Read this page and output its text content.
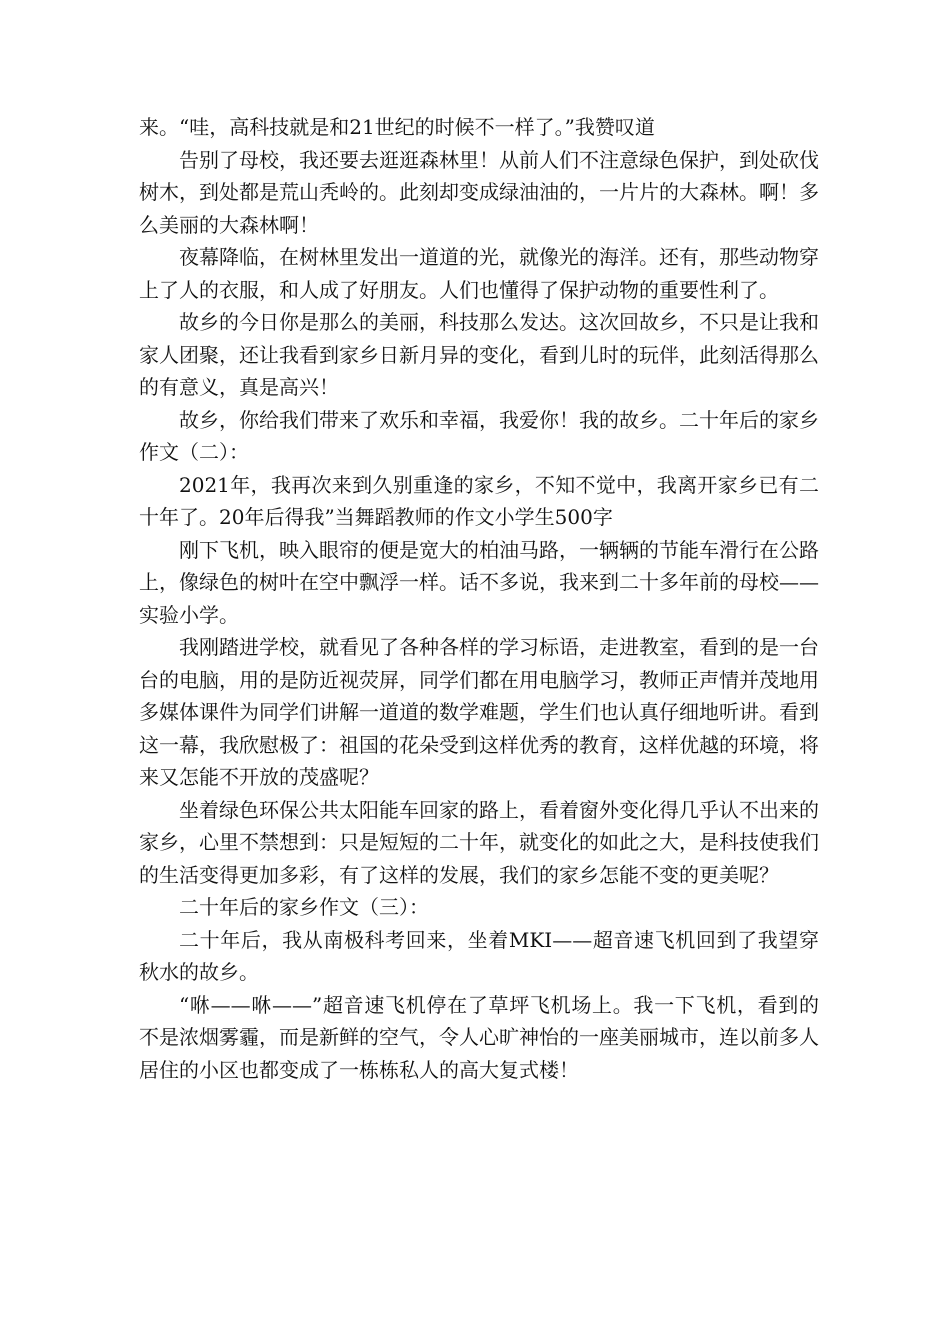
来。“哇，高科技就是和21世纪的时候不一样了。”我赞叹道

告别了母校，我还要去逛逛森林里！从前人们不注意绿色保护，到处砍伐树木，到处都是荒山秃岭的。此刻却变成绿油油的，一片片的大森林。啊！多么美丽的大森林啊！

夜幕降临，在树林里发出一道道的光，就像光的海洋。还有，那些动物穿上了人的衣服，和人成了好朋友。人们也懂得了保护动物的重要性利了。

故乡的今日你是那么的美丽，科技那么发达。这次回故乡，不只是让我和家人团聚，还让我看到家乡日新月异的变化，看到儿时的玩伴，此刻活得那么的有意义，真是高兴！

故乡，你给我们带来了欢乐和幸福，我爱你！我的故乡。二十年后的家乡作文（二）：

2021年，我再次来到久别重逢的家乡，不知不觉中，我离开家乡已有二十年了。20年后得我”当舞蹈教师的作文小学生500字

刚下飞机，映入眼帘的便是宽大的柏油马路，一辆辆的节能车滑行在公路上，像绿色的树叶在空中飘浮一样。话不多说，我来到二十多年前的母校——实验小学。

我刚踏进学校，就看见了各种各样的学习标语，走进教室，看到的是一台台的电脑，用的是防近视荧屏，同学们都在用电脑学习，教师正声情并茂地用多媒体课件为同学们讲解一道道的数学难题，学生们也认真仔细地听讲。看到这一幕，我欣慰极了：祖国的花朵受到这样优秀的教育，这样优越的环境，将来又怎能不开放的茂盛呢？

坐着绿色环保公共太阳能车回家的路上，看着窗外变化得几乎认不出来的家乡，心里不禁想到：只是短短的二十年，就变化的如此之大，是科技使我们的生活变得更加多彩，有了这样的发展，我们的家乡怎能不变的更美呢？

二十年后的家乡作文（三）：

二十年后，我从南极科考回来，坐着MKI——超音速飞机回到了我望穿秋水的故乡。

“咻——咻——”超音速飞机停在了草坪飞机场上。我一下飞机，看到的不是浓烟雾霾，而是新鲜的空气，令人心旷神怡的一座美丽城市，连以前多人居住的小区也都变成了一栋栋私人的高大复式楼！
